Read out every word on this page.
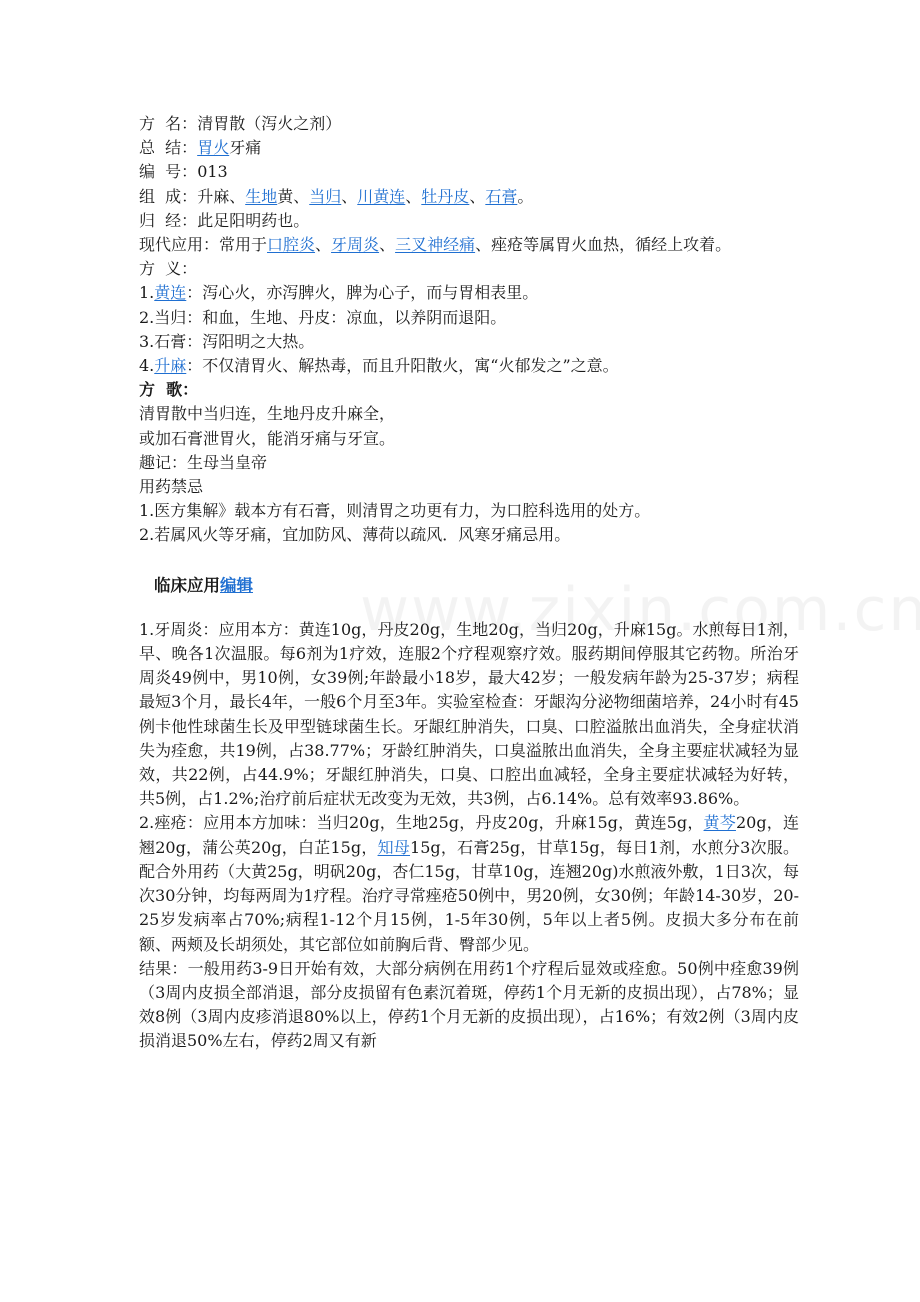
方  名：清胃散（泻火之剂）
总  结：胃火牙痛
编  号：013
组  成：升麻、生地黄、当归、川黄连、牡丹皮、石膏。
归  经：此足阳明药也。
现代应用：常用于口腔炎、牙周炎、三叉神经痛、痤疮等属胃火血热，循经上攻着。
方  义：
1.黄连：泻心火，亦泻脾火，脾为心子，而与胃相表里。
2.当归：和血，生地、丹皮：凉血，以养阴而退阳。
3.石膏：泻阳明之大热。
4.升麻：不仅清胃火、解热毒，而且升阳散火，寓“火郁发之”之意。
方  歌：
清胃散中当归连，生地丹皮升麻全，
或加石膏泄胃火，能消牙痛与牙宣。
趣记：生母当皇帝
用药禁忌
1.医方集解》载本方有石膏，则清胃之功更有力，为口腔科选用的处方。
2.若属风火等牙痛，宜加防风、薄荷以疏风．风寒牙痛忌用。
临床应用编辑
1.牙周炎：应用本方：黄连10g，丹皮20g，生地20g，当归20g，升麻15g。水煎每日1剂，早、晚各1次温服。每6剂为1疗效，连服2个疗程观察疗效。服药期间停服其它药物。所治牙周炎49例中，男10例，女39例;年龄最小18岁，最大42岁；一般发病年龄为25-37岁；病程最短3个月，最长4年，一般6个月至3年。实验室检查：牙龈沟分泌物细菌培养，24小时有45例卡他性球菌生长及甲型链球菌生长。牙龈红肿消失，口臭、口腔溢脓出血消失，全身症状消失为痊愈，共19例，占38.77%；牙龄红肿消失，口臭溢脓出血消失，全身主要症状减轻为显效，共22例，占44.9%；牙龈红肿消失，口臭、口腔出血减轻，全身主要症状减轻为好转，共5例，占1.2%;治疗前后症状无改变为无效，共3例，占6.14%。总有效率93.86%。
2.痤疮：应用本方加味：当归20g，生地25g，丹皮20g，升麻15g，黄连5g，黄芩20g，连翘20g，蒲公英20g，白芷15g，知母15g，石膏25g，甘草15g，每日1剂，水煎分3次服。配合外用药（大黄25g，明矾20g，杏仁15g，甘草10g，连翘20g)水煎液外敷，1日3次，每次30分钟，均每两周为1疗程。治疗寻常痤疮50例中，男20例，女30例；年龄14-30岁，20-25岁发病率占70%;病程1-12个月15例，1-5年30例，5年以上者5例。皮损大多分布在前额、两颊及长胡须处，其它部位如前胸后背、臀部少见。
结果：一般用药3-9日开始有效，大部分病例在用药1个疗程后显效或痊愈。50例中痊愈39例（3周内皮损全部消退，部分皮损留有色素沉着斑，停药1个月无新的皮损出现），占78%；显效8例（3周内皮疹消退80%以上，停药1个月无新的皮损出现），占16%；有效2例（3周内皮损消退50%左右，停药2周又有新
